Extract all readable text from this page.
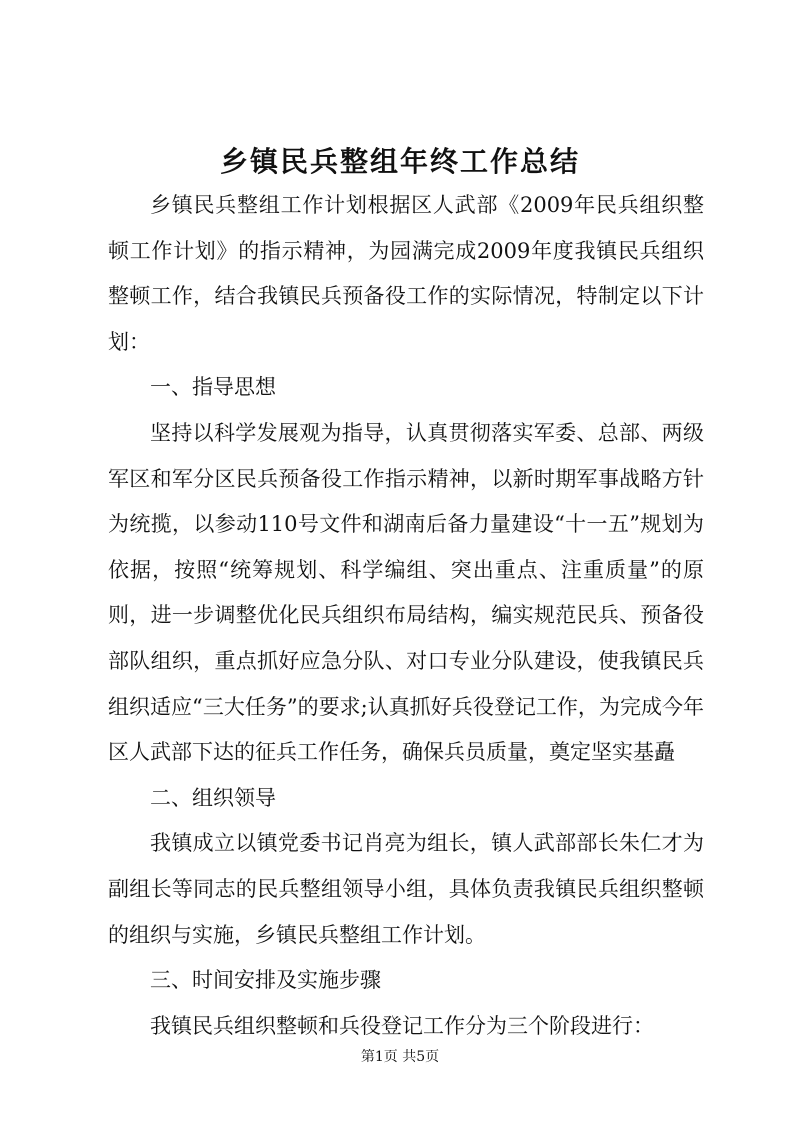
乡镇民兵整组年终工作总结

乡镇民兵整组工作计划根据区人武部《2009年民兵组织整顿工作计划》的指示精神，为园满完成2009年度我镇民兵组织整顿工作，结合我镇民兵预备役工作的实际情况，特制定以下计划：

一、指导思想

坚持以科学发展观为指导，认真贯彻落实军委、总部、两级军区和军分区民兵预备役工作指示精神，以新时期军事战略方针为统揽，以参动110号文件和湖南后备力量建设“十一五”规划为依据，按照“统筹规划、科学编组、突出重点、注重质量”的原则，进一步调整优化民兵组织布局结构，编实规范民兵、预备役部队组织，重点抓好应急分队、对口专业分队建设，使我镇民兵组织适应“三大任务”的要求;认真抓好兵役登记工作，为完成今年区人武部下达的征兵工作任务，确保兵员质量，奠定坚实基矗

二、组织领导

我镇成立以镇党委书记肖亮为组长，镇人武部部长朱仁才为副组长等同志的民兵整组领导小组，具体负责我镇民兵组织整顿的组织与实施，乡镇民兵整组工作计划。

三、时间安排及实施步骤

我镇民兵组织整顿和兵役登记工作分为三个阶段进行：

第1页 共5页
